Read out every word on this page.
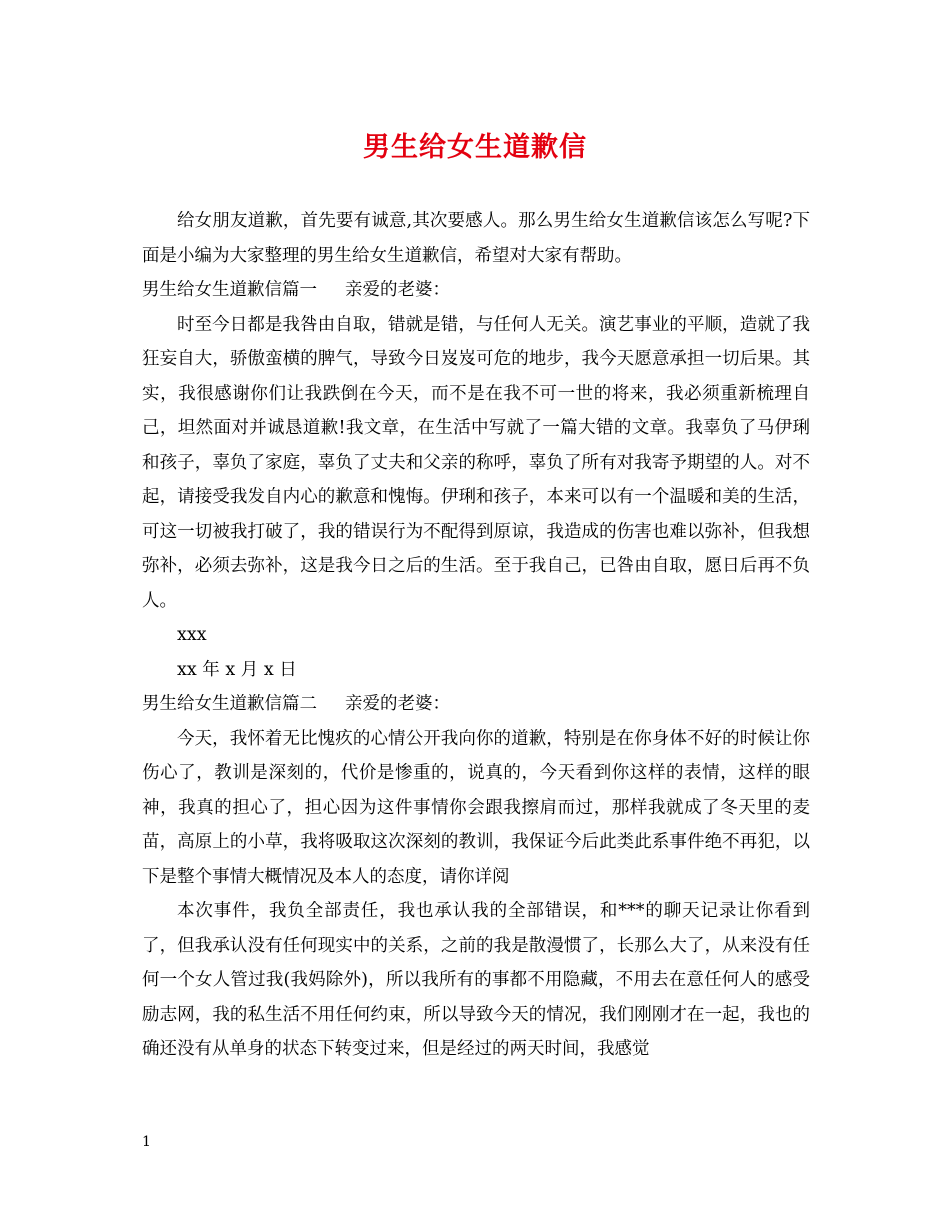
男生给女生道歉信

给女朋友道歉，首先要有诚意,其次要感人。那么男生给女生道歉信该怎么写呢?下面是小编为大家整理的男生给女生道歉信，希望对大家有帮助。

男生给女生道歉信篇一 亲爱的老婆：

时至今日都是我咎由自取，错就是错，与任何人无关。演艺事业的平顺，造就了我狂妄自大，骄傲蛮横的脾气，导致今日岌岌可危的地步，我今天愿意承担一切后果。其实，我很感谢你们让我跌倒在今天，而不是在我不可一世的将来，我必须重新梳理自己，坦然面对并诚恳道歉!我文章，在生活中写就了一篇大错的文章。我辜负了马伊琍和孩子，辜负了家庭，辜负了丈夫和父亲的称呼，辜负了所有对我寄予期望的人。对不起，请接受我发自内心的歉意和愧悔。伊琍和孩子，本来可以有一个温暖和美的生活，可这一切被我打破了，我的错误行为不配得到原谅，我造成的伤害也难以弥补，但我想弥补，必须去弥补，这是我今日之后的生活。至于我自己，已咎由自取，愿日后再不负人。

xxx

xx 年 x 月 x 日

男生给女生道歉信篇二 亲爱的老婆：

今天，我怀着无比愧疚的心情公开我向你的道歉，特别是在你身体不好的时候让你伤心了，教训是深刻的，代价是惨重的，说真的，今天看到你这样的表情，这样的眼神，我真的担心了，担心因为这件事情你会跟我擦肩而过，那样我就成了冬天里的麦苗，高原上的小草，我将吸取这次深刻的教训，我保证今后此类此系事件绝不再犯，以下是整个事情大概情况及本人的态度，请你详阅

本次事件，我负全部责任，我也承认我的全部错误，和***的聊天记录让你看到了，但我承认没有任何现实中的关系，之前的我是散漫惯了，长那么大了，从来没有任何一个女人管过我(我妈除外)，所以我所有的事都不用隐藏，不用去在意任何人的感受励志网，我的私生活不用任何约束，所以导致今天的情况，我们刚刚才在一起，我也的确还没有从单身的状态下转变过来，但是经过的两天时间，我感觉

1
